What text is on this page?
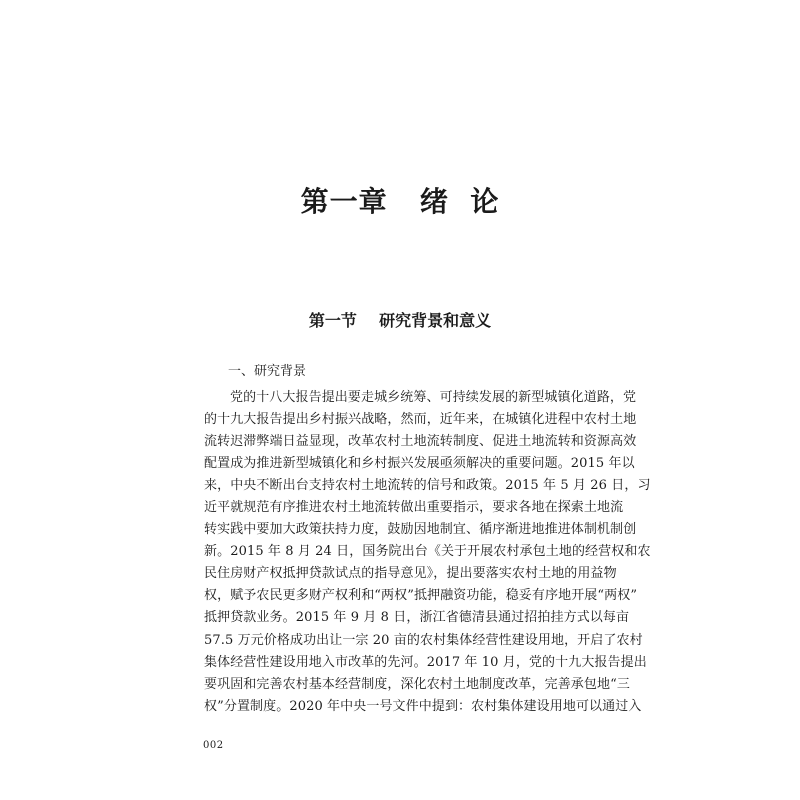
第一章   绪  论
第一节    研究背景和意义
一、研究背景
党的十八大报告提出要走城乡统筹、可持续发展的新型城镇化道路，党
的十九大报告提出乡村振兴战略，然而，近年来，在城镇化进程中农村土地
流转迟滞弊端日益显现，改革农村土地流转制度、促进土地流转和资源高效
配置成为推进新型城镇化和乡村振兴发展亟须解决的重要问题。2015 年以
来，中央不断出台支持农村土地流转的信号和政策。2015 年 5 月 26 日，习
近平就规范有序推进农村土地流转做出重要指示，要求各地在探索土地流
转实践中要加大政策扶持力度，鼓励因地制宜、循序渐进地推进体制机制创
新。2015 年 8 月 24 日，国务院出台《关于开展农村承包土地的经营权和农
民住房财产权抵押贷款试点的指导意见》，提出要落实农村土地的用益物
权，赋予农民更多财产权利和“两权”抵押融资功能，稳妥有序地开展“两权”
抵押贷款业务。2015 年 9 月 8 日，浙江省德清县通过招拍挂方式以每亩
57.5 万元价格成功出让一宗 20 亩的农村集体经营性建设用地，开启了农村
集体经营性建设用地入市改革的先河。2017 年 10 月，党的十九大报告提出
要巩固和完善农村基本经营制度，深化农村土地制度改革，完善承包地“三
权”分置制度。2020 年中央一号文件中提到：农村集体建设用地可以通过入
002
